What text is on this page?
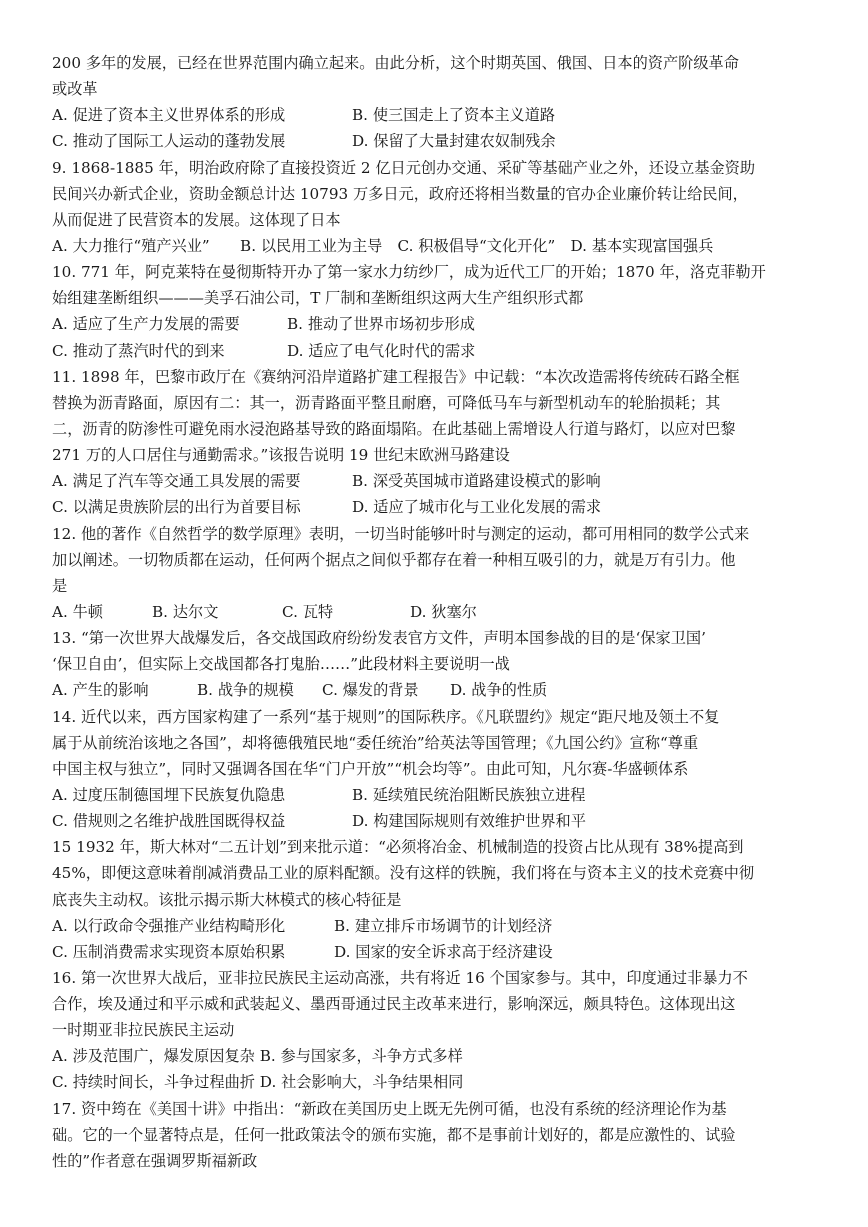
200 多年的发展，已经在世界范围内确立起来。由此分析，这个时期英国、俄国、日本的资产阶级革命
或改革
A. 促进了资本主义世界体系的形成	B. 使三国走上了资本主义道路
C. 推动了国际工人运动的蓬勃发展	D. 保留了大量封建农奴制残余
9. 1868-1885 年，明治政府除了直接投资近 2 亿日元创办交通、采矿等基础产业之外，还设立基金资助
民间兴办新式企业，资助金额总计达 10793 万多日元，政府还将相当数量的官办企业廉价转让给民间，
从而促进了民营资本的发展。这体现了日本
A. 大力推行“殖产兴业”　　B. 以民用工业为主导　C. 积极倡导“文化开化”　D. 基本实现富国强兵
10. 771 年，阿克莱特在曼彻斯特开办了第一家水力纺纱厂，成为近代工厂的开始；1870 年，洛克菲勒开
始组建垄断组织———美孚石油公司，T 厂制和垄断组织这两大生产组织形式都
A. 适应了生产力发展的需要	B. 推动了世界市场初步形成
C. 推动了蒸汽时代的到来	D. 适应了电气化时代的需求
11. 1898 年，巴黎市政厅在《赛纳河沿岸道路扩建工程报告》中记载：“本次改造需将传统砖石路全框
替换为沥青路面，原因有二：其一，沥青路面平整且耐磨，可降低马车与新型机动车的轮胎损耗；其
二，沥青的防渗性可避免雨水浸泡路基导致的路面塌陷。在此基础上需增设人行道与路灯，以应对巴黎
271 万的人口居住与通勤需求。”该报告说明 19 世纪末欧洲马路建设
A. 满足了汽车等交通工具发展的需要	B. 深受英国城市道路建设模式的影响
C. 以满足贵族阶层的出行为首要目标	D. 适应了城市化与工业化发展的需求
12. 他的著作《自然哲学的数学原理》表明，一切当时能够叶时与测定的运动，都可用相同的数学公式来
加以阐述。一切物质都在运动，任何两个据点之间似乎都存在着一种相互吸引的力，就是万有引力。他
是
A. 牛顿	B. 达尔文	C. 瓦特	D. 狄塞尔
13. “第一次世界大战爆发后，各交战国政府纷纷发表官方文件，声明本国参战的目的是‘保家卫国’
‘保卫自由’，但实际上交战国都各打鬼胎……”此段材料主要说明一战
A. 产生的影响	B. 战争的规模	C. 爆发的背景	D. 战争的性质
14. 近代以来，西方国家构建了一系列“基于规则”的国际秩序。《凡联盟约》规定“距尺地及领土不复
属于从前统治该地之各国”，却将德俄殖民地“委任统治”给英法等国管理；《九国公约》宣称“尊重
中国主权与独立”，同时又强调各国在华“门户开放”“机会均等”。由此可知，凡尔赛-华盛顿体系
A. 过度压制德国埋下民族复仇隐患	B. 延续殖民统治阻断民族独立进程
C. 借规则之名维护战胜国既得权益	D. 构建国际规则有效维护世界和平
15 1932 年，斯大林对“二五计划”到来批示道：“必须将冶金、机械制造的投资占比从现有 38%提高到
45%，即便这意味着削减消费品工业的原料配额。没有这样的铁腕，我们将在与资本主义的技术竞赛中彻
底丧失主动权。该批示揭示斯大林模式的核心特征是
A. 以行政命令强推产业结构畸形化	B. 建立排斥市场调节的计划经济
C. 压制消费需求实现资本原始积累	D. 国家的安全诉求高于经济建设
16. 第一次世界大战后，亚非拉民族民主运动高涨，共有将近 16 个国家参与。其中，印度通过非暴力不
合作，埃及通过和平示威和武装起义、墨西哥通过民主改革来进行，影响深远，颇具特色。这体现出这
一时期亚非拉民族民主运动
A. 涉及范围广，爆发原因复杂 B. 参与国家多，斗争方式多样
C. 持续时间长，斗争过程曲折 D. 社会影响大，斗争结果相同
17. 资中筠在《美国十讲》中指出：“新政在美国历史上既无先例可循，也没有系统的经济理论作为基
础。它的一个显著特点是，任何一批政策法令的颁布实施，都不是事前计划好的，都是应激性的、试验
性的”作者意在强调罗斯福新政
